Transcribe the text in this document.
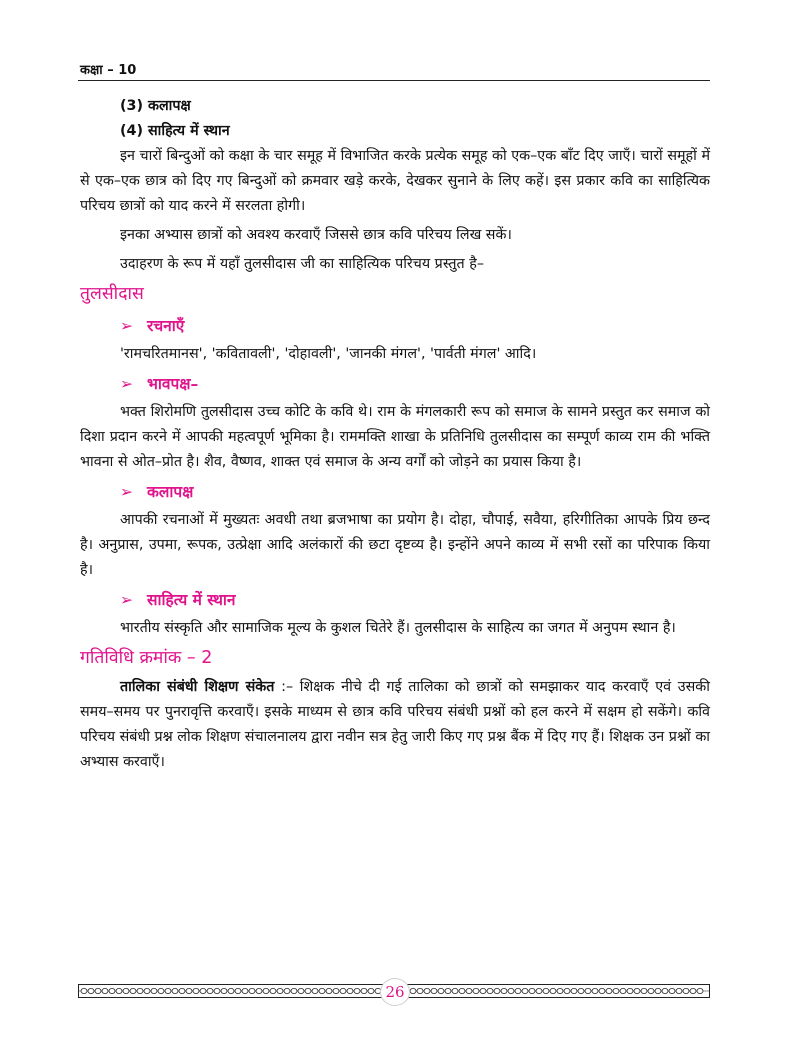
कक्षा – 10

(3) कलापक्ष

(4) साहित्य में स्थान

इन चारों बिन्दुओं को कक्षा के चार समूह में विभाजित करके प्रत्येक समूह को एक–एक बाँट दिए जाएँ। चारों समूहों में से एक–एक छात्र को दिए गए बिन्दुओं को क्रमवार खड़े करके, देखकर सुनाने के लिए कहें। इस प्रकार कवि का साहित्यिक परिचय छात्रों को याद करने में सरलता होगी।

इनका अभ्यास छात्रों को अवश्य करवाएँ जिससे छात्र कवि परिचय लिख सकें।

उदाहरण के रूप में यहाँ तुलसीदास जी का साहित्यिक परिचय प्रस्तुत है–

तुलसीदास
➢ रचनाएँ

'रामचरितमानस', 'कवितावली', 'दोहावली', 'जानकी मंगल', 'पार्वती मंगल' आदि।

➢ भावपक्ष–

भक्त शिरोमणि तुलसीदास उच्च कोटि के कवि थे। राम के मंगलकारी रूप को समाज के सामने प्रस्तुत कर समाज को दिशा प्रदान करने में आपकी महत्वपूर्ण भूमिका है। राममक्ति शाखा के प्रतिनिधि तुलसीदास का सम्पूर्ण काव्य राम की भक्ति भावना से ओत–प्रोत है। शैव, वैष्णव, शाक्त एवं समाज के अन्य वर्गों को जोड़ने का प्रयास किया है।

➢ कलापक्ष

आपकी रचनाओं में मुख्यतः अवधी तथा ब्रजभाषा का प्रयोग है। दोहा, चौपाई, सवैया, हरिगीतिका आपके प्रिय छन्द है। अनुप्रास, उपमा, रूपक, उत्प्रेक्षा आदि अलंकारों की छटा दृष्टव्य है। इन्होंने अपने काव्य में सभी रसों का परिपाक किया है।

➢ साहित्य में स्थान

भारतीय संस्कृति और सामाजिक मूल्य के कुशल चितेरे हैं। तुलसीदास के साहित्य का जगत में अनुपम स्थान है।

गतिविधि क्रमांक – 2

तालिका संबंधी शिक्षण संकेत :– शिक्षक नीचे दी गई तालिका को छात्रों को समझाकर याद करवाएँ एवं उसकी समय–समय पर पुनरावृत्ति करवाएँ। इसके माध्यम से छात्र कवि परिचय संबंधी प्रश्नों को हल करने में सक्षम हो सकेंगे। कवि परिचय संबंधी प्रश्न लोक शिक्षण संचालनालय द्वारा नवीन सत्र हेतु जारी किए गए प्रश्न बैंक में दिए गए हैं। शिक्षक उन प्रश्नों का अभ्यास करवाएँ।

26
